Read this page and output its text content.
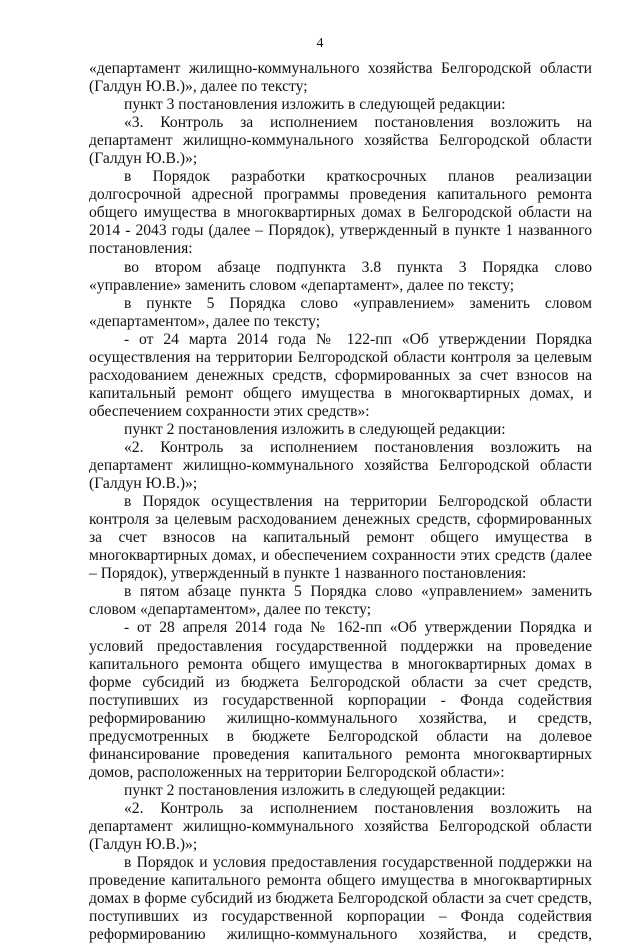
4

«департамент жилищно-коммунального хозяйства Белгородской области (Галдун Ю.В.)», далее по тексту;

пункт 3 постановления изложить в следующей редакции:

«3. Контроль за исполнением постановления возложить на департамент жилищно-коммунального хозяйства Белгородской области (Галдун Ю.В.)»;

в Порядок разработки краткосрочных планов реализации долгосрочной адресной программы проведения капитального ремонта общего имущества в многоквартирных домах в Белгородской области на 2014 - 2043 годы (далее – Порядок), утвержденный в пункте 1 названного постановления:

во втором абзаце подпункта 3.8 пункта 3 Порядка слово «управление» заменить словом «департамент», далее по тексту;

в пункте 5 Порядка слово «управлением» заменить словом «департаментом», далее по тексту;

- от 24 марта 2014 года № 122-пп «Об утверждении Порядка осуществления на территории Белгородской области контроля за целевым расходованием денежных средств, сформированных за счет взносов на капитальный ремонт общего имущества в многоквартирных домах, и обеспечением сохранности этих средств»:

пункт 2 постановления изложить в следующей редакции:

«2. Контроль за исполнением постановления возложить на департамент жилищно-коммунального хозяйства Белгородской области (Галдун Ю.В.)»;

в Порядок осуществления на территории Белгородской области контроля за целевым расходованием денежных средств, сформированных за счет взносов на капитальный ремонт общего имущества в многоквартирных домах, и обеспечением сохранности этих средств (далее – Порядок), утвержденный в пункте 1 названного постановления:

в пятом абзаце пункта 5 Порядка слово «управлением» заменить словом «департаментом», далее по тексту;

- от 28 апреля 2014 года № 162-пп «Об утверждении Порядка и условий предоставления государственной поддержки на проведение капитального ремонта общего имущества в многоквартирных домах в форме субсидий из бюджета Белгородской области за счет средств, поступивших из государственной корпорации - Фонда содействия реформированию жилищно-коммунального хозяйства, и средств, предусмотренных в бюджете Белгородской области на долевое финансирование проведения капитального ремонта многоквартирных домов, расположенных на территории Белгородской области»:

пункт 2 постановления изложить в следующей редакции:

«2. Контроль за исполнением постановления возложить на департамент жилищно-коммунального хозяйства Белгородской области (Галдун Ю.В.)»;

в Порядок и условия предоставления государственной поддержки на проведение капитального ремонта общего имущества в многоквартирных домах в форме субсидий из бюджета Белгородской области за счет средств, поступивших из государственной корпорации – Фонда содействия реформированию жилищно-коммунального хозяйства, и средств,
